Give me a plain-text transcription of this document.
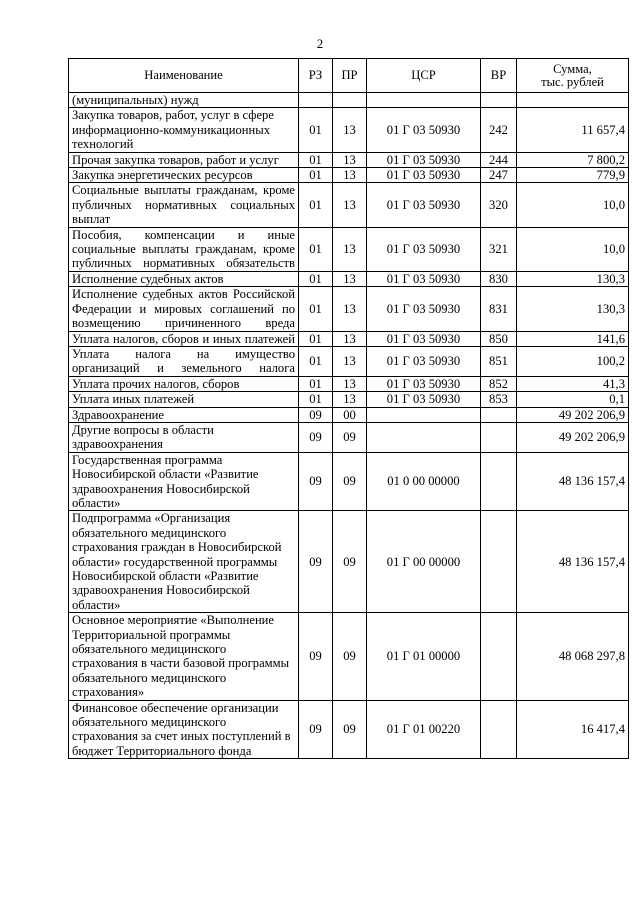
2
Наименование	РЗ	ПР	ЦСР	ВР	Сумма,
тыс. рублей
(муниципальных) нужд					
Закупка товаров, работ, услуг в сфере информационно-коммуникационных технологий	01	13	01 Г 03 50930	242	11 657,4
Прочая закупка товаров, работ и услуг	01	13	01 Г 03 50930	244	7 800,2
Закупка энергетических ресурсов	01	13	01 Г 03 50930	247	779,9
Социальные выплаты гражданам, кроме публичных нормативных социальных выплат	01	13	01 Г 03 50930	320	10,0
Пособия, компенсации и иные социальные выплаты гражданам, кроме публичных нормативных обязательств	01	13	01 Г 03 50930	321	10,0
Исполнение судебных актов	01	13	01 Г 03 50930	830	130,3
Исполнение судебных актов Российской Федерации и мировых соглашений по возмещению причиненного вреда	01	13	01 Г 03 50930	831	130,3
Уплата налогов, сборов и иных платежей	01	13	01 Г 03 50930	850	141,6
Уплата налога на имущество организаций и земельного налога	01	13	01 Г 03 50930	851	100,2
Уплата прочих налогов, сборов	01	13	01 Г 03 50930	852	41,3
Уплата иных платежей	01	13	01 Г 03 50930	853	0,1
Здравоохранение	09	00			49 202 206,9
Другие вопросы в области здравоохранения	09	09			49 202 206,9
Государственная программа Новосибирской области «Развитие здравоохранения Новосибирской области»	09	09	01 0 00 00000		48 136 157,4
Подпрограмма «Организация обязательного медицинского страхования граждан в Новосибирской области» государственной программы Новосибирской области «Развитие здравоохранения Новосибирской области»	09	09	01 Г 00 00000		48 136 157,4
Основное мероприятие «Выполнение Территориальной программы обязательного медицинского страхования в части базовой программы обязательного медицинского страхования»	09	09	01 Г 01 00000		48 068 297,8
Финансовое обеспечение организации обязательного медицинского страхования за счет иных поступлений в бюджет Территориального фонда	09	09	01 Г 01 00220		16 417,4
